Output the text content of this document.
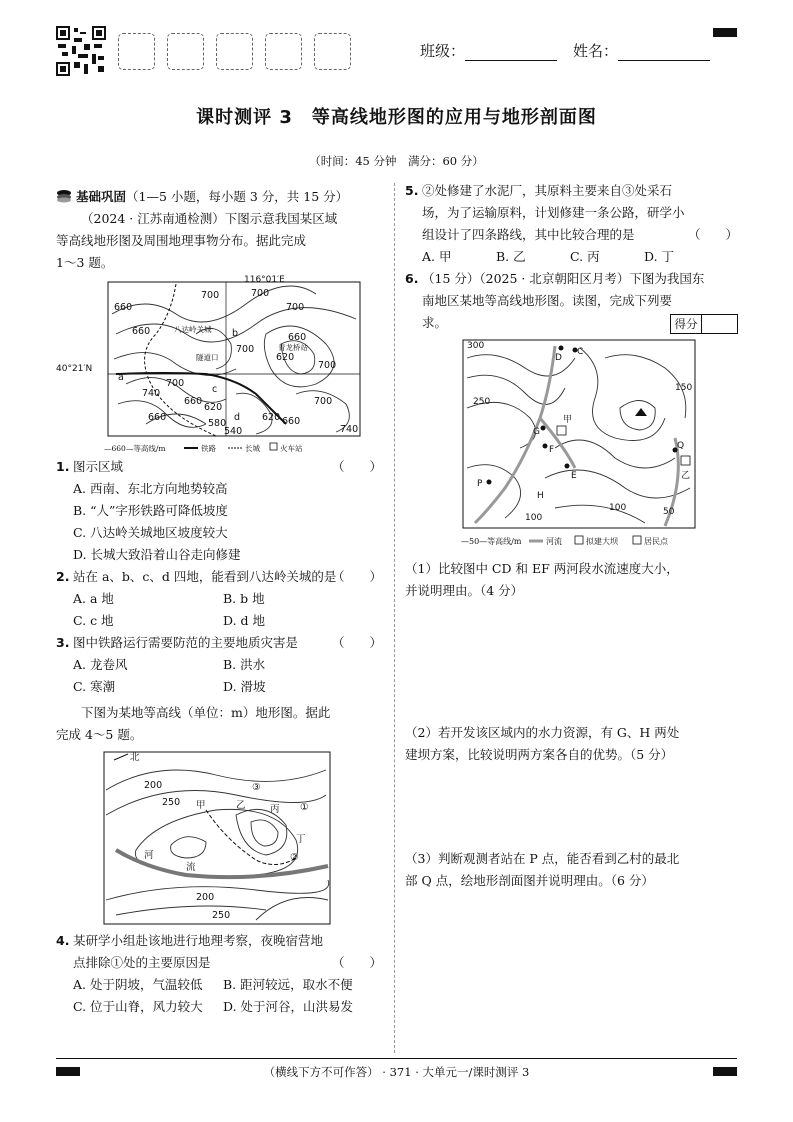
班级：	姓名：
课时测评 3　等高线地形图的应用与地形剖面图
（时间：45 分钟　满分：60 分）

基础巩固（1—5 小题，每小题 3 分，共 15 分）

（2024 · 江苏南通检测）下图示意我国某区域

等高线地形图及周围地理事物分布。据此完成

1～3 题。

700	700
660	700
660
660
b
700
620
700
a
740
660
700
620
700
660
580
d
540
620
660
740
八达岭关城
隧道口
青龙桥站
c
116°01′E
40°21′N
—660—等高线/m	铁路	长城	火车站
1. 图示区域	（　　）

A. 西南、东北方向地势较高

B. “人”字形铁路可降低坡度

C. 八达岭关城地区坡度较大

D. 长城大致沿着山谷走向修建

2. 站在 a、b、c、d 四地，能看到八达岭关城的是
（　　）

A. a 地	B. b 地

C. c 地	D. d 地

3. 图中铁路运行需要防范的主要地质灾害是	（　　）

A. 龙卷风	B. 洪水

C. 寒潮	D. 滑坡

下图为某地等高线（单位：m）地形图。据此

完成 4～5 题。

北
200
250 甲	乙	丙
丁
③
①
②
河
流
200
250
4. 某研学小组赴该地进行地理考察，夜晚宿营地
点排除①处的主要原因是	（　　）

A. 处于阴坡，气温较低	B. 距河较远，取水不便

C. 位于山脊，风力较大	D. 处于河谷，山洪易发

5. ②处修建了水泥厂，其原料主要来自③处采石

场，为了运输原料，计划修建一条公路，研学小

组设计了四条路线，其中比较合理的是	（　　）

A. 甲	B. 乙	C. 丙	D. 丁

6. （15 分）（2025 · 北京朝阳区月考）下图为我国东

南地区某地等高线地形图。读图，完成下列要

求。	得分
300
D
C
250
150
甲
G
F
E
P
H
Q
乙
100
100	50
—50—等高线/m	河流	拟建大坝	居民点

（1）比较图中 CD 和 EF 两河段水流速度大小，

并说明理由。（4 分）

（2）若开发该区域内的水力资源，有 G、H 两处

建坝方案，比较说明两方案各自的优势。（5 分）

（3）判断观测者站在 P 点，能否看到乙村的最北

部 Q 点，绘地形剖面图并说明理由。（6 分）

（横线下方不可作答） · 371 · 大单元一/课时测评 3
